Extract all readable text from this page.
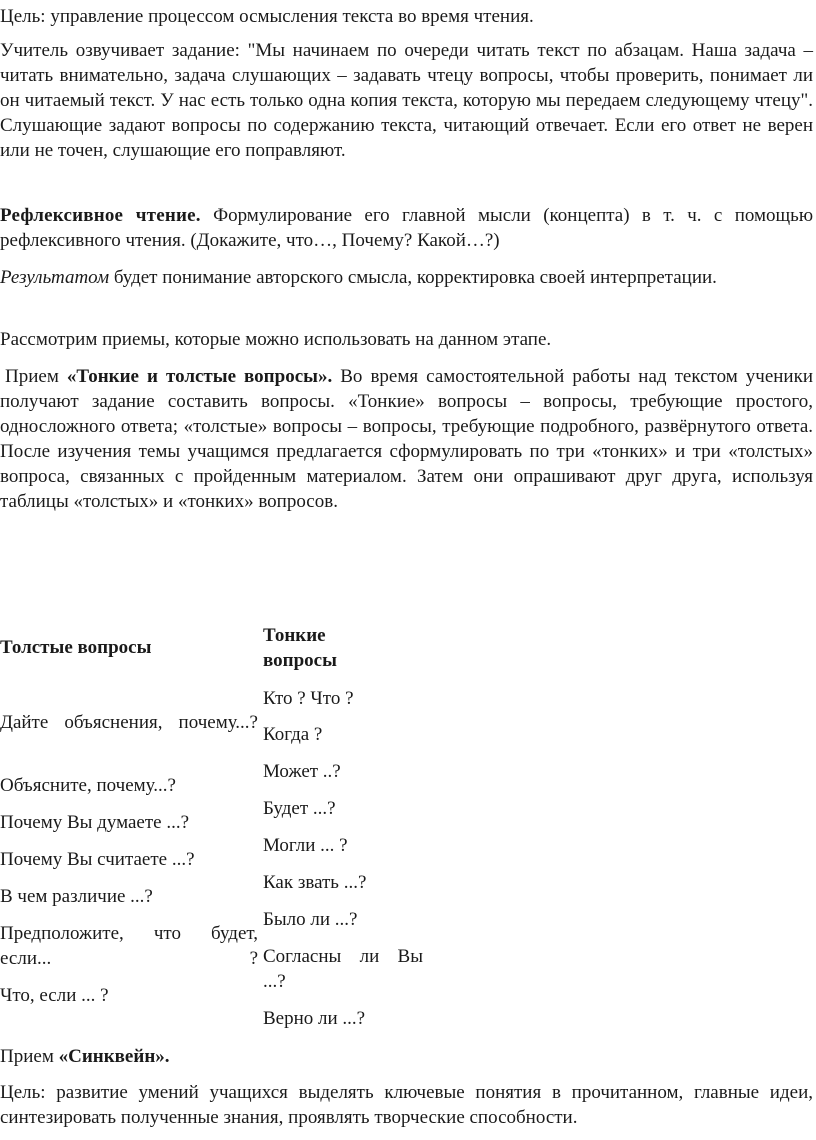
Цель: управление процессом осмысления текста во время чтения.

Учитель озвучивает задание: "Мы начинаем по очереди читать текст по абзацам. Наша задача – читать внимательно, задача слушающих – задавать чтецу вопросы, чтобы проверить, понимает ли он читаемый текст. У нас есть только одна копия текста, которую мы передаем следующему чтецу". Слушающие задают вопросы по содержанию текста, читающий отвечает. Если его ответ не верен или не точен, слушающие его поправляют.

Рефлексивное чтение. Формулирование его главной мысли (концепта) в т. ч. с помощью рефлексивного чтения. (Докажите, что…, Почему? Какой…?)

Результатом будет понимание авторского смысла, корректировка своей интерпретации.

Рассмотрим приемы, которые можно использовать на данном этапе.

Прием «Тонкие и толстые вопросы». Во время самостоятельной работы над текстом ученики получают задание составить вопросы. «Тонкие» вопросы – вопросы, требующие простого, односложного ответа; «толстые» вопросы – вопросы, требующие подробного, развёрнутого ответа. После изучения темы учащимся предлагается сформулировать по три «тонких» и три «толстых» вопроса, связанных с пройденным материалом. Затем они опрашивают друг друга, используя таблицы «толстых» и «тонких» вопросов.

Толстые вопросы

Дайте объяснения, почему...?

Объясните, почему...?

Почему Вы думаете ...?

Почему Вы считаете ...?

В чем различие ...?

Предположите, что будет, если... ?

Что, если ... ?

Тонкие вопросы

Кто ? Что ?

Когда ?

Может ..?

Будет ...?

Могли ... ?

Как звать ...?

Было ли ...?

Согласны ли Вы ...?

Верно ли ...?

Прием «Синквейн».

Цель: развитие умений учащихся выделять ключевые понятия в прочитанном, главные идеи, синтезировать полученные знания, проявлять творческие способности.
